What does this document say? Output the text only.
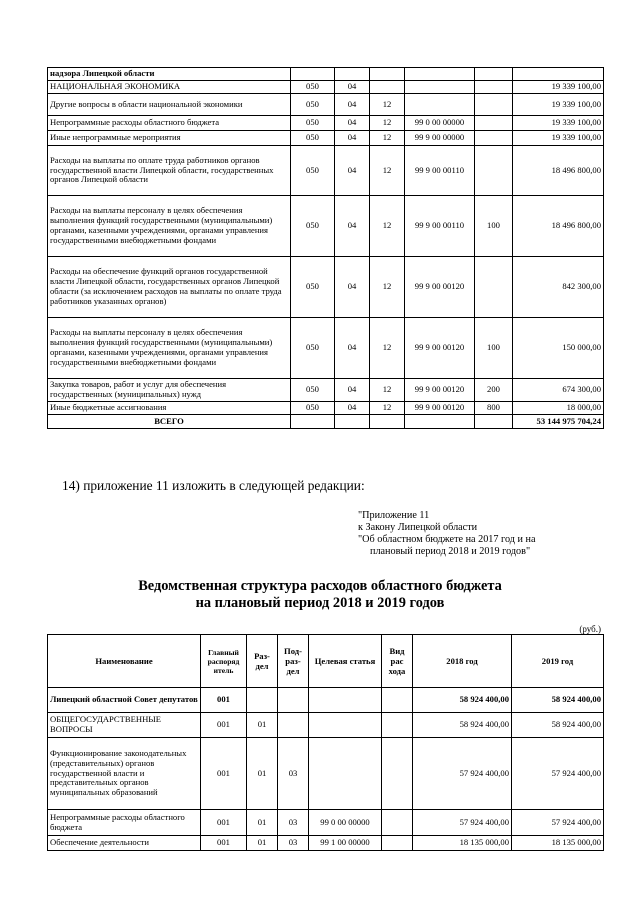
надзора Липецкой области						
НАЦИОНАЛЬНАЯ ЭКОНОМИКА	050	04				19 339 100,00
Другие вопросы в области национальной экономики	050	04	12			19 339 100,00
Непрограммные расходы областного бюджета	050	04	12	99 0 00 00000		19 339 100,00
Иные непрограммные мероприятия	050	04	12	99 9 00 00000		19 339 100,00
Расходы на выплаты по оплате труда работников органов государственной власти Липецкой области, государственных органов Липецкой области	050	04	12	99 9 00 00110		18 496 800,00
Расходы на выплаты персоналу в целях обеспечения выполнения функций государственными (муниципальными) органами, казенными учреждениями, органами управления государственными внебюджетными фондами	050	04	12	99 9 00 00110	100	18 496 800,00
Расходы на обеспечение функций органов государственной власти Липецкой области, государственных органов Липецкой области (за исключением расходов на выплаты по оплате труда работников указанных органов)	050	04	12	99 9 00 00120		842 300,00
Расходы на выплаты персоналу в целях обеспечения выполнения функций государственными (муниципальными) органами, казенными учреждениями, органами управления государственными внебюджетными фондами	050	04	12	99 9 00 00120	100	150 000,00
Закупка товаров, работ и услуг для обеспечения государственных (муниципальных) нужд	050	04	12	99 9 00 00120	200	674 300,00
Иные бюджетные ассигнования	050	04	12	99 9 00 00120	800	18 000,00
ВСЕГО						53 144 975 704,24
14) приложение 11 изложить в следующей редакции:

"Приложение 11

к Закону Липецкой области

"Об областном бюджете на 2017 год и на

плановый период 2018 и 2019 годов"

Ведомственная структура расходов областного бюджета

на плановый период 2018 и 2019 годов

(руб.)
Наименование	Главный распоряд итель	Раз-дел	Под-раз-дел	Целевая статья	Вид рас хода	2018 год	2019 год
Липецкий областной Совет депутатов	001					58 924 400,00	58 924 400,00
ОБЩЕГОСУДАРСТВЕННЫЕ ВОПРОСЫ	001	01				58 924 400,00	58 924 400,00
Функционирование законодательных (представительных) органов государственной власти и представительных органов муниципальных образований	001	01	03			57 924 400,00	57 924 400,00
Непрограммные расходы областного бюджета	001	01	03	99 0 00 00000		57 924 400,00	57 924 400,00
Обеспечение деятельности	001	01	03	99 1 00 00000		18 135 000,00	18 135 000,00
